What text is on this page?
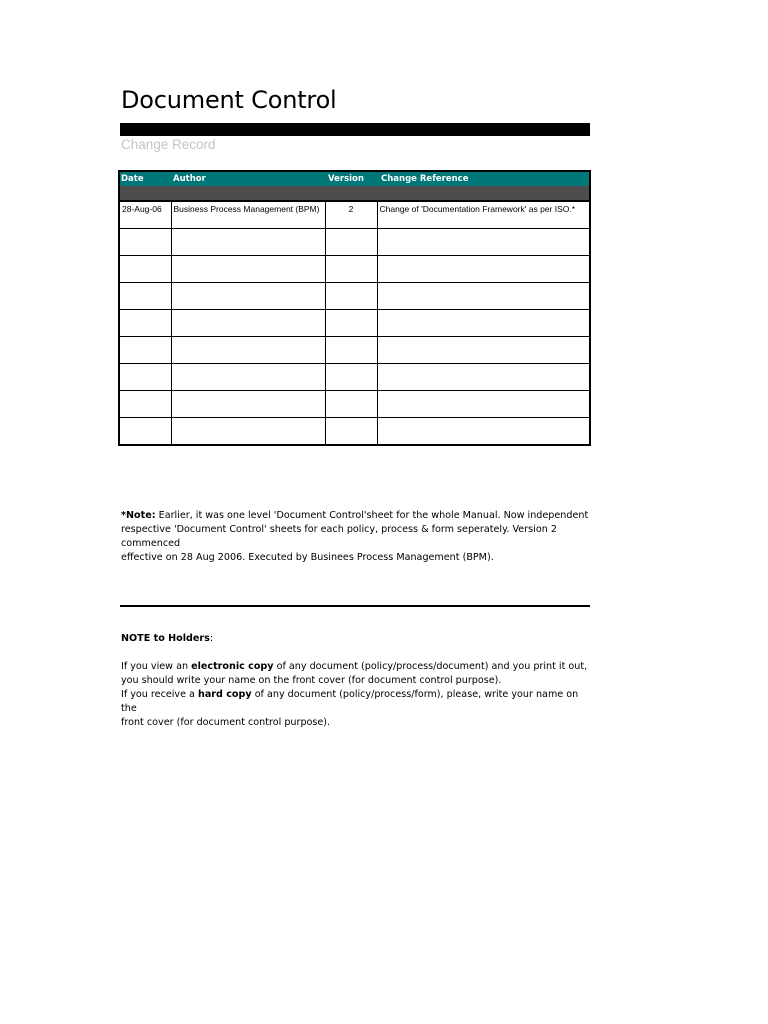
Document Control
Change Record
Date	Author	Version	Change Reference
28-Aug-06	Business Process Management (BPM)	2	Change of 'Documentation Framework' as per ISO.*

*Note: Earlier, it was one level 'Document Control'sheet for the whole Manual. Now independent
respective 'Document Control' sheets for each policy, process & form seperately. Version 2 commenced
effective on 28 Aug 2006. Executed by Businees Process Management (BPM).

NOTE to Holders:

If you view an electronic copy of any document (policy/process/document) and you print it out,
you should write your name on the front cover (for document control purpose).

If you receive a hard copy of any document (policy/process/form), please, write your name on the
front cover (for document control purpose).
